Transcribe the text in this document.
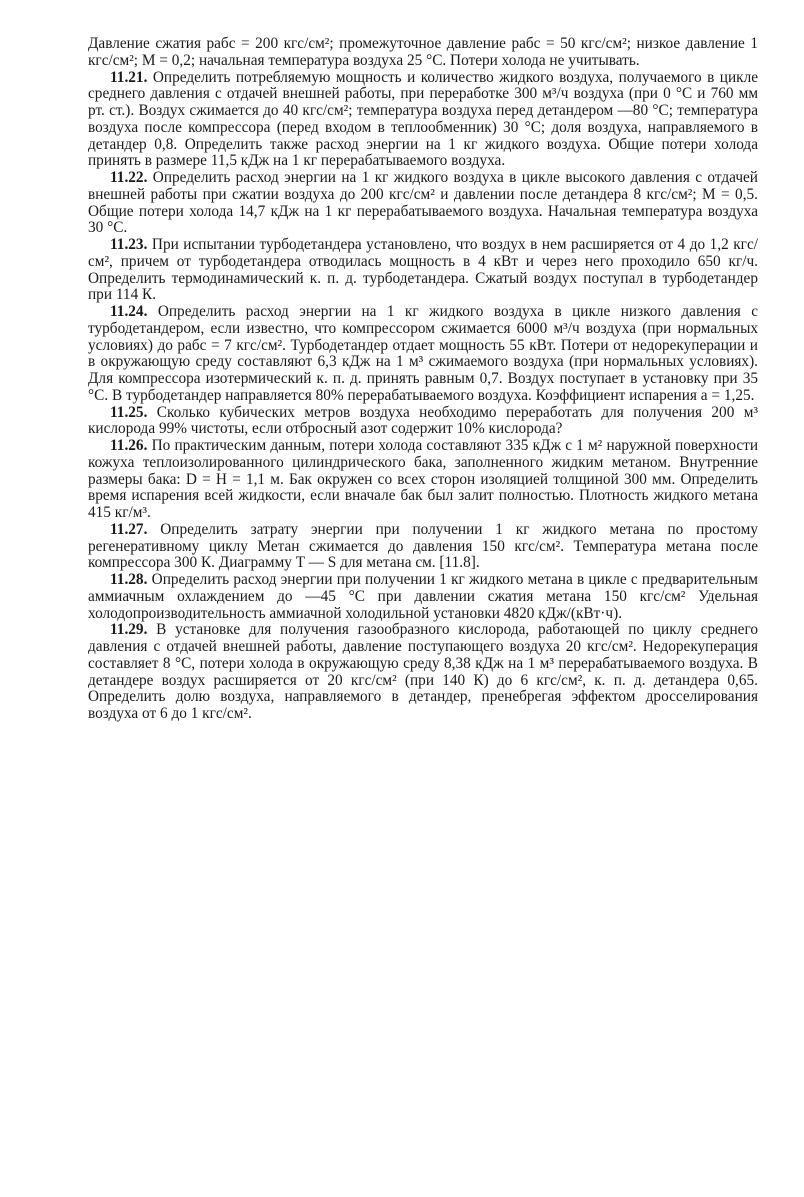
Давление сжатия pабс = 200 кгс/см²; промежуточное давление pабс = 50 кгс/см²; низкое давление 1 кгс/см²; M = 0,2; начальная температура воздуха 25 °C. Потери холода не учитывать.

11.21. Определить потребляемую мощность и количество жидкого воздуха, получаемого в цикле среднего давления с отдачей внешней работы, при переработке 300 м³/ч воздуха (при 0 °C и 760 мм рт. ст.). Воздух сжимается до 40 кгс/см²; температура воздуха перед детандером —80 °C; температура воздуха после компрессора (перед входом в теплообменник) 30 °C; доля воздуха, направляемого в детандер 0,8. Определить также расход энергии на 1 кг жидкого воздуха. Общие потери холода принять в размере 11,5 кДж на 1 кг перерабатываемого воздуха.

11.22. Определить расход энергии на 1 кг жидкого воздуха в цикле высокого давления с отдачей внешней работы при сжатии воздуха до 200 кгс/см² и давлении после детандера 8 кгс/см²; M = 0,5. Общие потери холода 14,7 кДж на 1 кг перерабатываемого воздуха. Начальная температура воздуха 30 °C.

11.23. При испытании турбодетандера установлено, что воздух в нем расширяется от 4 до 1,2 кгс/см², причем от турбодетандера отводилась мощность в 4 кВт и через него проходило 650 кг/ч. Определить термодинамический к. п. д. турбодетандера. Сжатый воздух поступал в турбодетандер при 114 К.

11.24. Определить расход энергии на 1 кг жидкого воздуха в цикле низкого давления с турбодетандером, если известно, что компрессором сжимается 6000 м³/ч воздуха (при нормальных условиях) до pабс = 7 кгс/см². Турбодетандер отдает мощность 55 кВт. Потери от недорекуперации и в окружающую среду составляют 6,3 кДж на 1 м³ сжимаемого воздуха (при нормальных условиях). Для компрессора изотермический к. п. д. принять равным 0,7. Воздух поступает в установку при 35 °C. В турбодетандер направляется 80% перерабатываемого воздуха. Коэффициент испарения a = 1,25.

11.25. Сколько кубических метров воздуха необходимо переработать для получения 200 м³ кислорода 99% чистоты, если отбросный азот содержит 10% кислорода?

11.26. По практическим данным, потери холода составляют 335 кДж с 1 м² наружной поверхности кожуха теплоизолированного цилиндрического бака, заполненного жидким метаном. Внутренние размеры бака: D = H = 1,1 м. Бак окружен со всех сторон изоляцией толщиной 300 мм. Определить время испарения всей жидкости, если вначале бак был залит полностью. Плотность жидкого метана 415 кг/м³.

11.27. Определить затрату энергии при получении 1 кг жидкого метана по простому регенеративному циклу Метан сжимается до давления 150 кгс/см². Температура метана после компрессора 300 К. Диаграмму T — S для метана см. [11.8].

11.28. Определить расход энергии при получении 1 кг жидкого метана в цикле с предварительным аммиачным охлаждением до —45 °C при давлении сжатия метана 150 кгс/см² Удельная холодопроизводительность аммиачной холодильной установки 4820 кДж/(кВт·ч).

11.29. В установке для получения газообразного кислорода, работающей по циклу среднего давления с отдачей внешней работы, давление поступающего воздуха 20 кгс/см². Недорекуперация составляет 8 °C, потери холода в окружающую среду 8,38 кДж на 1 м³ перерабатываемого воздуха. В детандере воздух расширяется от 20 кгс/см² (при 140 К) до 6 кгс/см², к. п. д. детандера 0,65. Определить долю воздуха, направляемого в детандер, пренебрегая эффектом дросселирования воздуха от 6 до 1 кгс/см².
